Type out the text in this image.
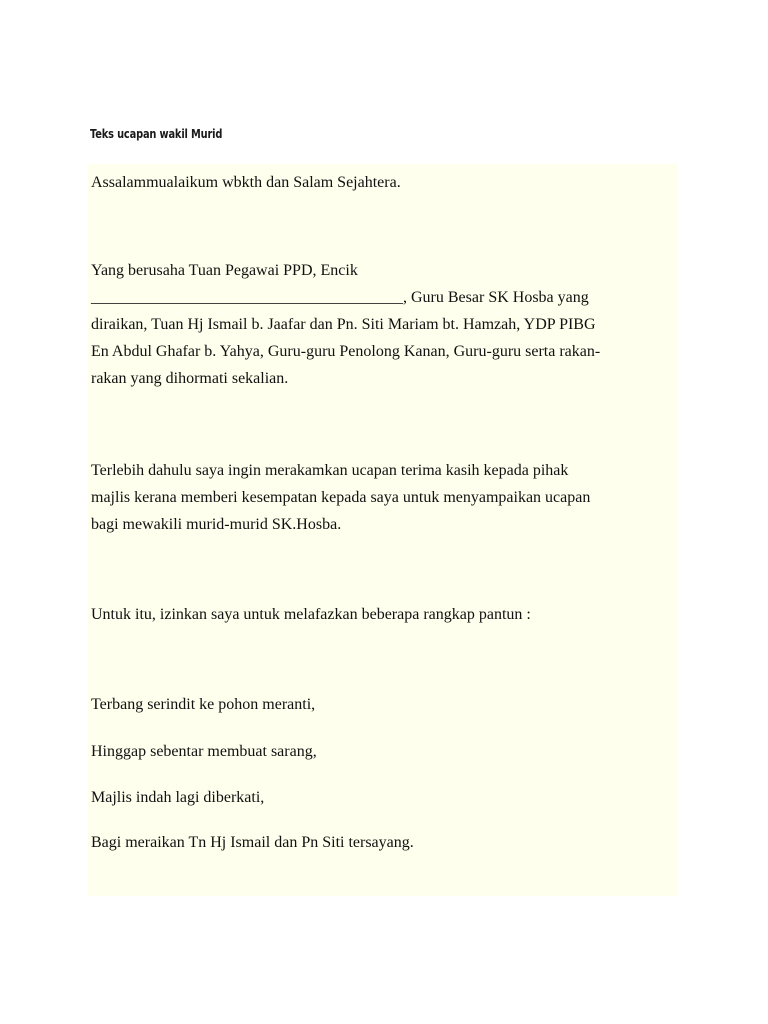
Teks ucapan wakil Murid

Assalammualaikum wbkth dan Salam Sejahtera.

Yang berusaha Tuan Pegawai PPD, Encik
_______________________________________, Guru Besar SK Hosba yang
diraikan, Tuan Hj Ismail b. Jaafar dan Pn. Siti Mariam bt. Hamzah, YDP PIBG
En Abdul Ghafar b. Yahya, Guru-guru Penolong Kanan, Guru-guru serta rakan-
rakan yang dihormati sekalian.

Terlebih dahulu saya ingin merakamkan ucapan terima kasih kepada pihak
majlis kerana memberi kesempatan kepada saya untuk menyampaikan ucapan
bagi mewakili murid-murid SK.Hosba.

Untuk itu, izinkan saya untuk melafazkan beberapa rangkap pantun :

Terbang serindit ke pohon meranti,

Hinggap sebentar membuat sarang,

Majlis indah lagi diberkati,

Bagi meraikan Tn Hj Ismail dan Pn Siti tersayang.
